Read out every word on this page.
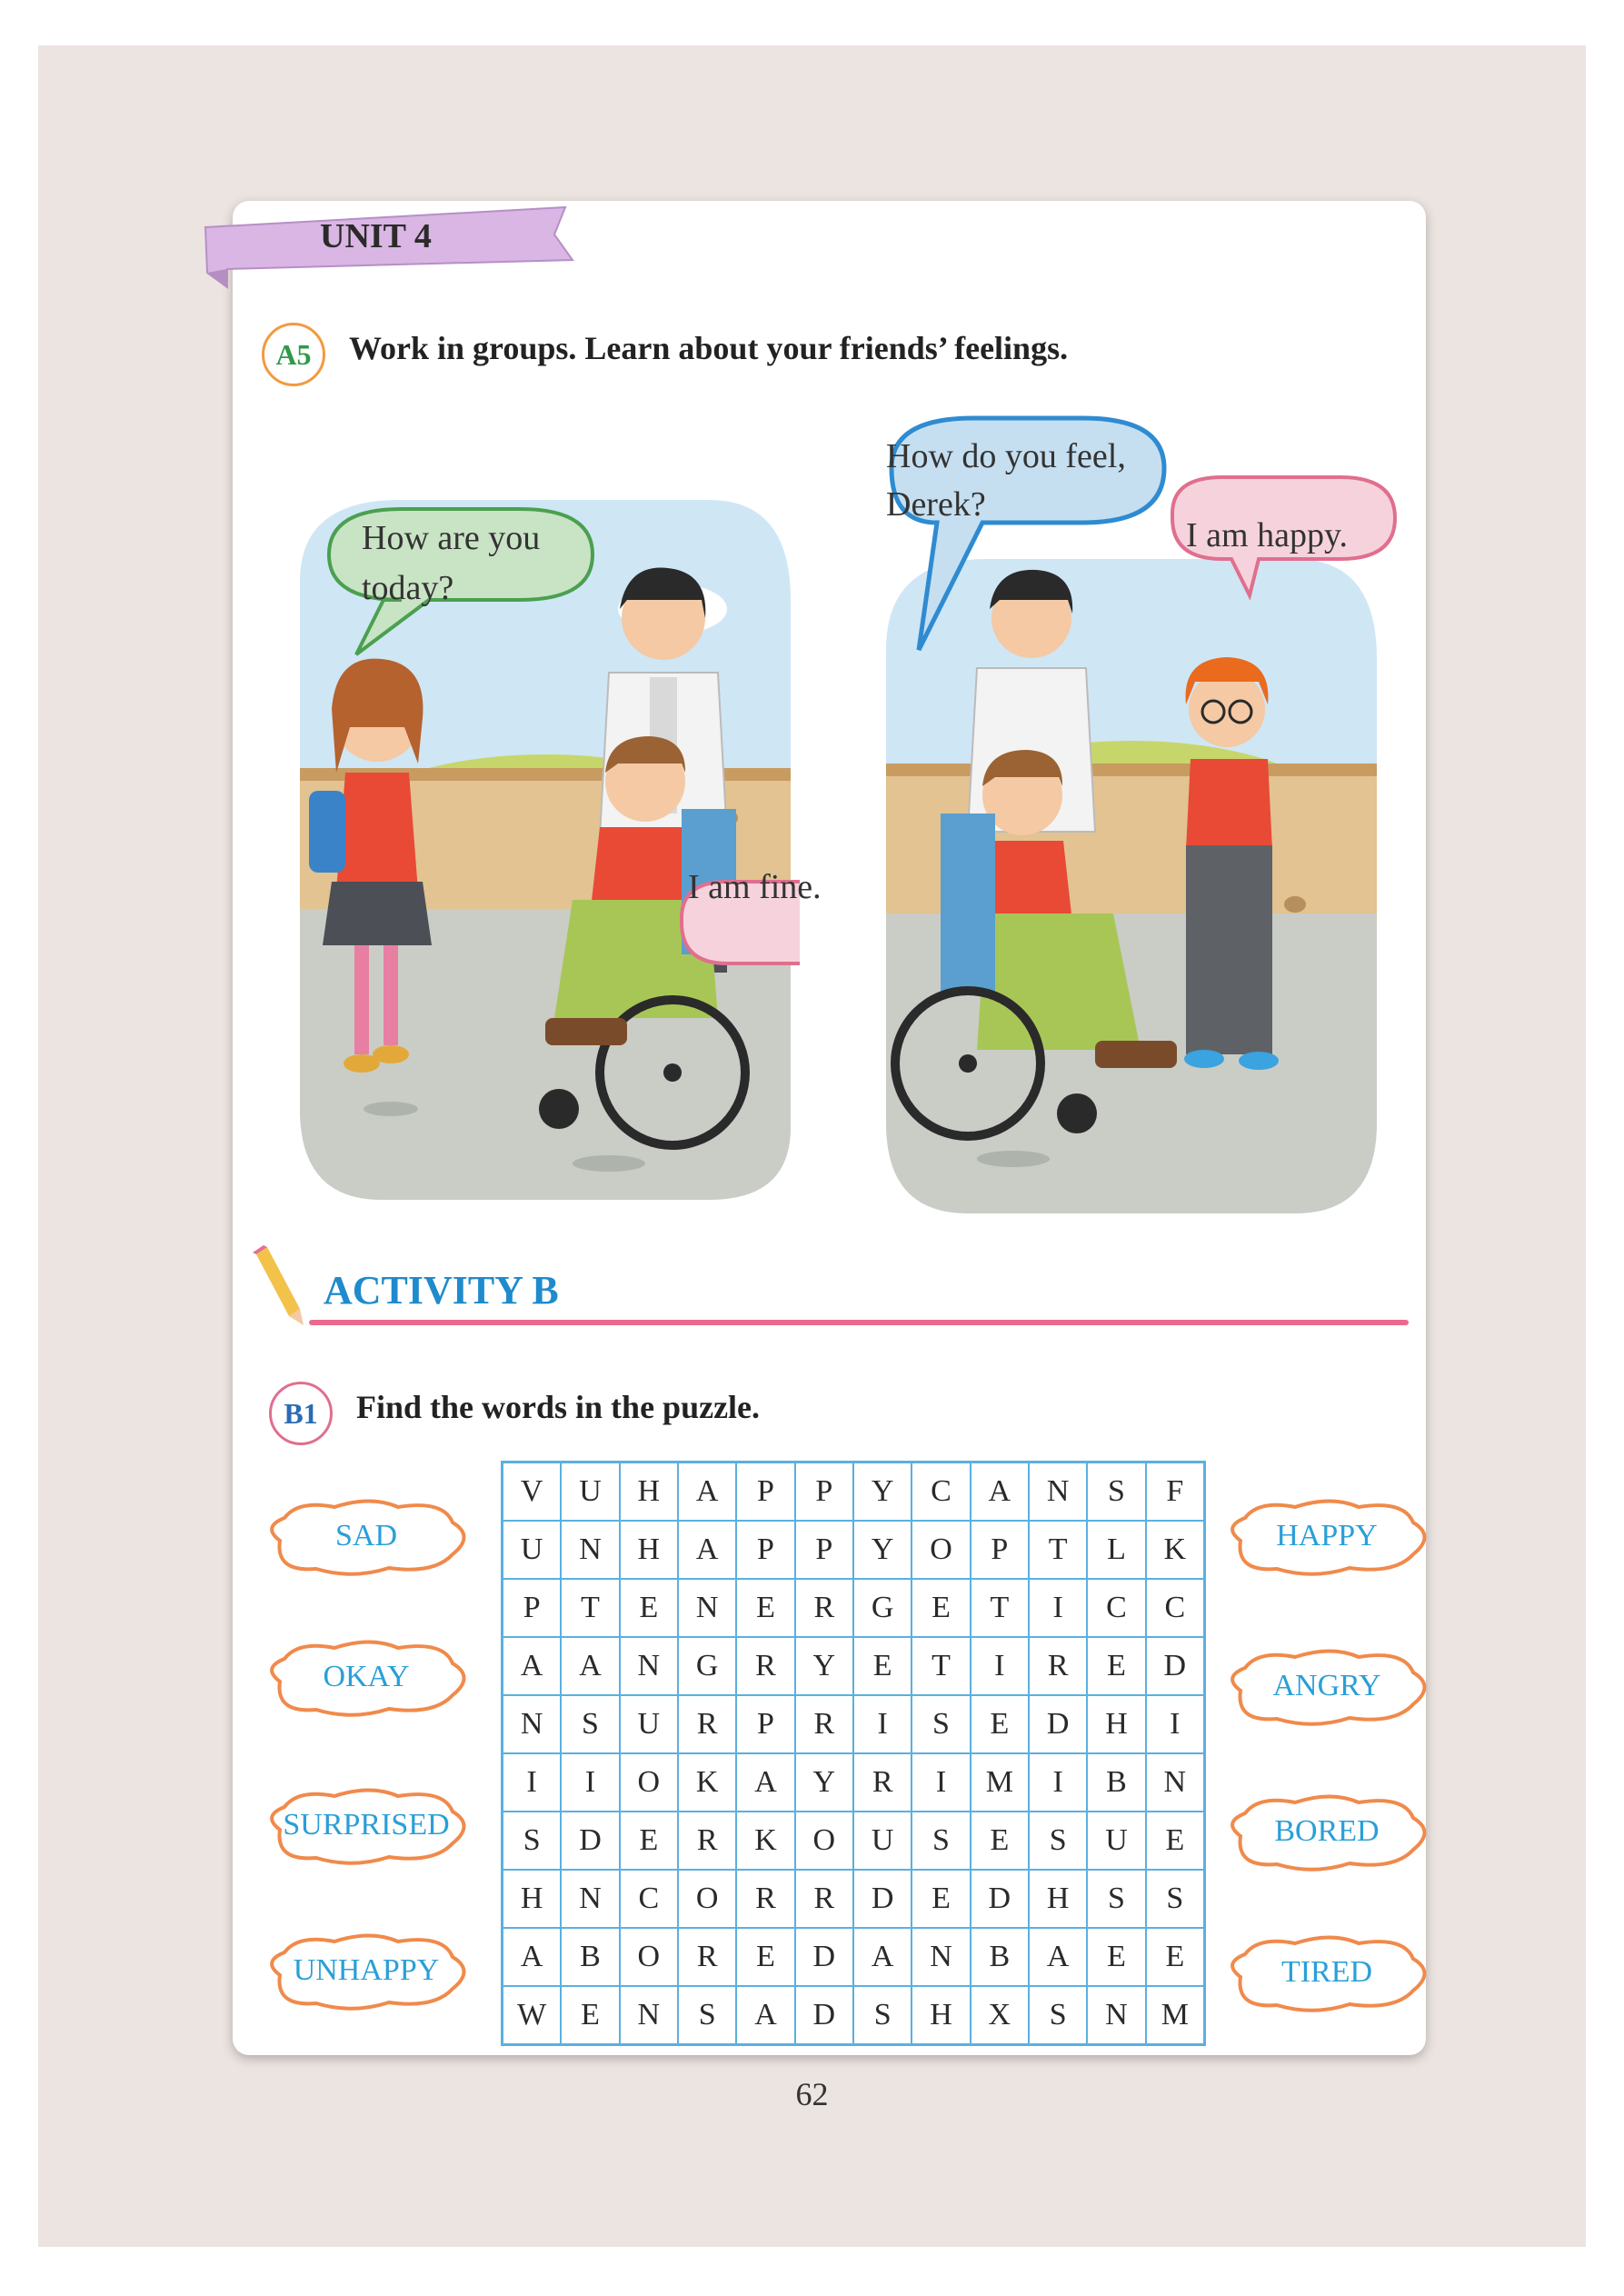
UNIT 4
A5	Work in groups. Learn about your friends’ feelings.
How are you
today?
I am fine.
How do you feel,
Derek?
I am happy.
ACTIVITY B
B1	Find the words in the puzzle.
V	U	H	A	P	P	Y	C	A	N	S	F
U	N	H	A	P	P	Y	O	P	T	L	K
P	T	E	N	E	R	G	E	T	I	C	C
A	A	N	G	R	Y	E	T	I	R	E	D
N	S	U	R	P	R	I	S	E	D	H	I
I	I	O	K	A	Y	R	I	M	I	B	N
S	D	E	R	K	O	U	S	E	S	U	E
H	N	C	O	R	R	D	E	D	H	S	S
A	B	O	R	E	D	A	N	B	A	E	E
W	E	N	S	A	D	S	H	X	S	N	M
SAD
OKAY
SURPRISED
UNHAPPY
HAPPY
ANGRY
BORED
TIRED
62
